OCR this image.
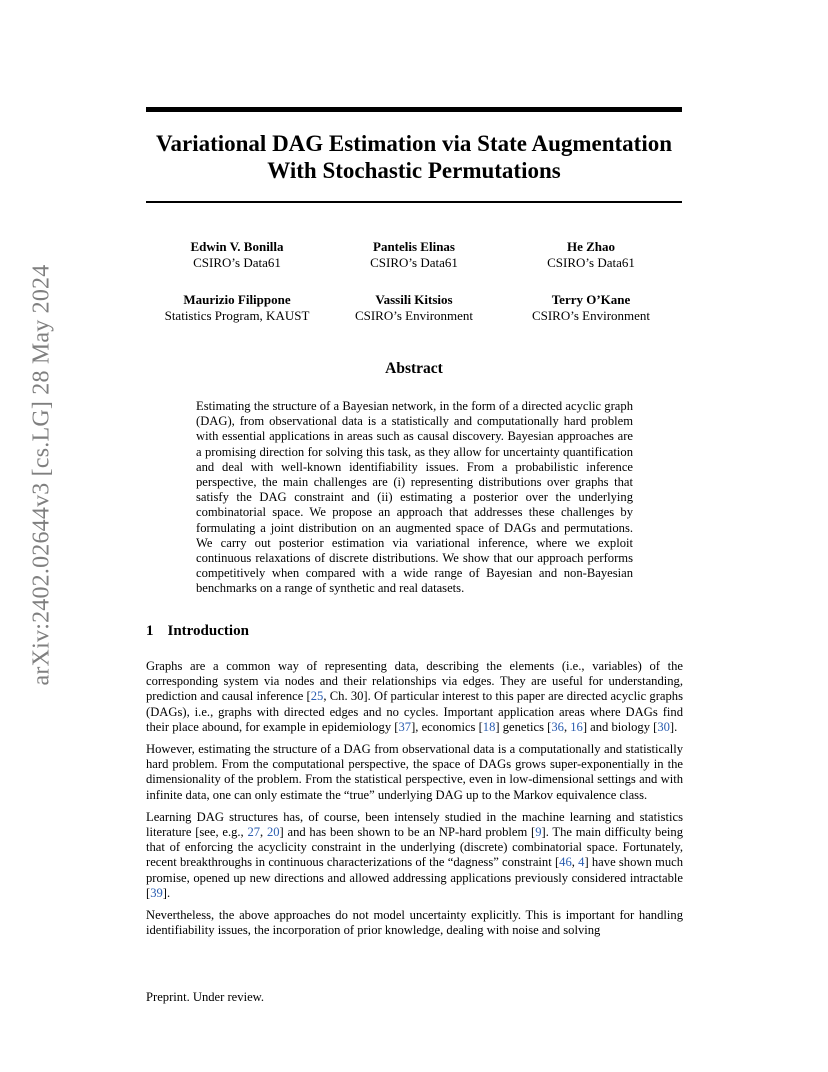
arXiv:2402.02644v3 [cs.LG] 28 May 2024
Variational DAG Estimation via State Augmentation
With Stochastic Permutations
Edwin V. Bonilla
CSIRO’s Data61
Pantelis Elinas
CSIRO’s Data61
He Zhao
CSIRO’s Data61
Maurizio Filippone
Statistics Program, KAUST
Vassili Kitsios
CSIRO’s Environment
Terry O’Kane
CSIRO’s Environment
Abstract

Estimating the structure of a Bayesian network, in the form of a directed acyclic graph (DAG), from observational data is a statistically and computationally hard problem with essential applications in areas such as causal discovery. Bayesian approaches are a promising direction for solving this task, as they allow for uncertainty quantification and deal with well-known identifiability issues. From a probabilistic inference perspective, the main challenges are (i) representing distributions over graphs that satisfy the DAG constraint and (ii) estimating a posterior over the underlying combinatorial space. We propose an approach that addresses these challenges by formulating a joint distribution on an augmented space of DAGs and permutations. We carry out posterior estimation via variational inference, where we exploit continuous relaxations of discrete distributions. We show that our approach performs competitively when compared with a wide range of Bayesian and non-Bayesian benchmarks on a range of synthetic and real datasets.

1 Introduction

Graphs are a common way of representing data, describing the elements (i.e., variables) of the corresponding system via nodes and their relationships via edges. They are useful for understanding, prediction and causal inference [25, Ch. 30]. Of particular interest to this paper are directed acyclic graphs (DAGs), i.e., graphs with directed edges and no cycles. Important application areas where DAGs find their place abound, for example in epidemiology [37], economics [18] genetics [36, 16] and biology [30].

However, estimating the structure of a DAG from observational data is a computationally and statistically hard problem. From the computational perspective, the space of DAGs grows super-exponentially in the dimensionality of the problem. From the statistical perspective, even in low-dimensional settings and with infinite data, one can only estimate the “true” underlying DAG up to the Markov equivalence class.

Learning DAG structures has, of course, been intensely studied in the machine learning and statistics literature [see, e.g., 27, 20] and has been shown to be an NP-hard problem [9]. The main difficulty being that of enforcing the acyclicity constraint in the underlying (discrete) combinatorial space. Fortunately, recent breakthroughs in continuous characterizations of the “dagness” constraint [46, 4] have shown much promise, opened up new directions and allowed addressing applications previously considered intractable [39].

Nevertheless, the above approaches do not model uncertainty explicitly. This is important for handling identifiability issues, the incorporation of prior knowledge, dealing with noise and solving

Preprint. Under review.
